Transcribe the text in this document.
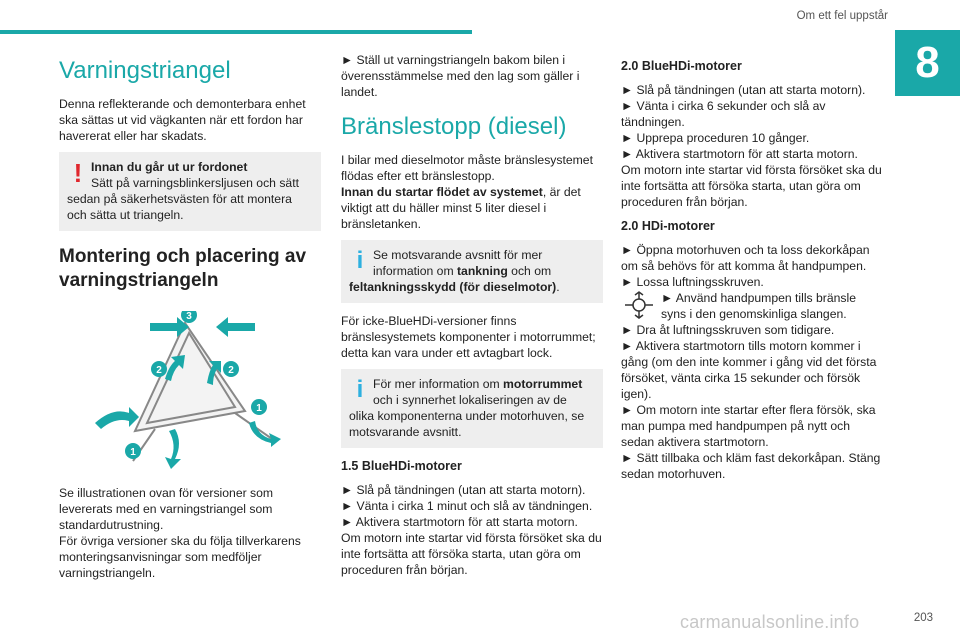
Om ett fel uppstår
8
Varningstriangel

Denna reflekterande och demonterbara enhet ska sättas ut vid vägkanten när ett fordon har havererat eller har skadats.

! Innan du går ut ur fordonet
Sätt på varningsblinkersljusen och sätt sedan på säkerhetsvästen för att montera och sätta ut triangeln.
Montering och placering av varningstriangeln
1
1
2	2
3

Se illustrationen ovan för versioner som levererats med en varningstriangel som standardutrustning.

För övriga versioner ska du följa tillverkarens monteringsanvisningar som medföljer varningstriangeln.

► Ställ ut varningstriangeln bakom bilen i överensstämmelse med den lag som gäller i landet.

Bränslestopp (diesel)

I bilar med dieselmotor måste bränslesystemet flödas efter ett bränslestopp.
Innan du startar flödet av systemet, är det viktigt att du häller minst 5 liter diesel i bränsletanken.

i Se motsvarande avsnitt för mer information om tankning och om feltankningsskydd (för dieselmotor).

För icke-BlueHDi-versioner finns bränslesystemets komponenter i motorrummet; detta kan vara under ett avtagbart lock.

i För mer information om motorrummet och i synnerhet lokaliseringen av de olika komponenterna under motorhuven, se motsvarande avsnitt.
1.5 BlueHDi-motorer
► Slå på tändningen (utan att starta motorn).
► Vänta i cirka 1 minut och slå av tändningen.
► Aktivera startmotorn för att starta motorn.
Om motorn inte startar vid första försöket ska du inte fortsätta att försöka starta, utan göra om proceduren från början.
2.0 BlueHDi-motorer
► Slå på tändningen (utan att starta motorn).
► Vänta i cirka 6 sekunder och slå av tändningen.
► Upprepa proceduren 10 gånger.
► Aktivera startmotorn för att starta motorn.
Om motorn inte startar vid första försöket ska du inte fortsätta att försöka starta, utan göra om proceduren från början.
2.0 HDi-motorer
► Öppna motorhuven och ta loss dekorkåpan om så behövs för att komma åt handpumpen.
► Lossa luftningsskruven.
► Använd handpumpen tills bränsle syns i den genomskinliga slangen.
► Dra åt luftningsskruven som tidigare.
► Aktivera startmotorn tills motorn kommer i gång (om den inte kommer i gång vid det första försöket, vänta cirka 15 sekunder och försök igen).
► Om motorn inte startar efter flera försök, ska man pumpa med handpumpen på nytt och sedan aktivera startmotorn.
► Sätt tillbaka och kläm fast dekorkåpan. Stäng sedan motorhuven.
carmanualsonline.info	203
